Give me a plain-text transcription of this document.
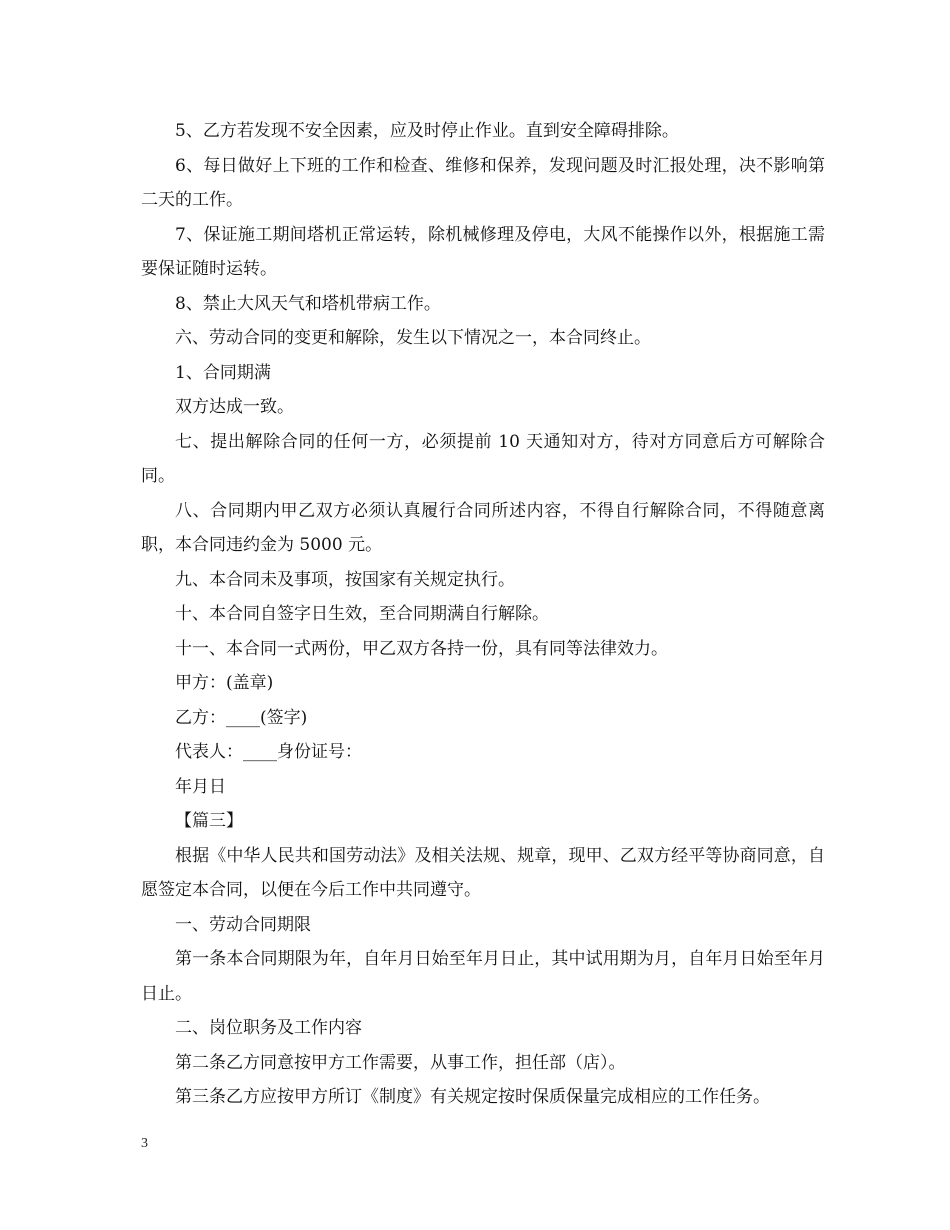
5、乙方若发现不安全因素，应及时停止作业。直到安全障碍排除。

6、每日做好上下班的工作和检查、维修和保养，发现问题及时汇报处理，决不影响第二天的工作。

7、保证施工期间塔机正常运转，除机械修理及停电，大风不能操作以外，根据施工需要保证随时运转。

8、禁止大风天气和塔机带病工作。

六、劳动合同的变更和解除，发生以下情况之一，本合同终止。

1、合同期满

双方达成一致。

七、提出解除合同的任何一方，必须提前 10 天通知对方，待对方同意后方可解除合同。

八、合同期内甲乙双方必须认真履行合同所述内容，不得自行解除合同，不得随意离职，本合同违约金为 5000 元。

九、本合同未及事项，按国家有关规定执行。

十、本合同自签字日生效，至合同期满自行解除。

十一、本合同一式两份，甲乙双方各持一份，具有同等法律效力。

甲方：(盖章)

乙方：____(签字)

代表人：____身份证号：

年月日

【篇三】

根据《中华人民共和国劳动法》及相关法规、规章，现甲、乙双方经平等协商同意，自愿签定本合同，以便在今后工作中共同遵守。

一、劳动合同期限

第一条本合同期限为年，自年月日始至年月日止，其中试用期为月，自年月日始至年月日止。

二、岗位职务及工作内容

第二条乙方同意按甲方工作需要，从事工作，担任部（店）。

第三条乙方应按甲方所订《制度》有关规定按时保质保量完成相应的工作任务。

3
